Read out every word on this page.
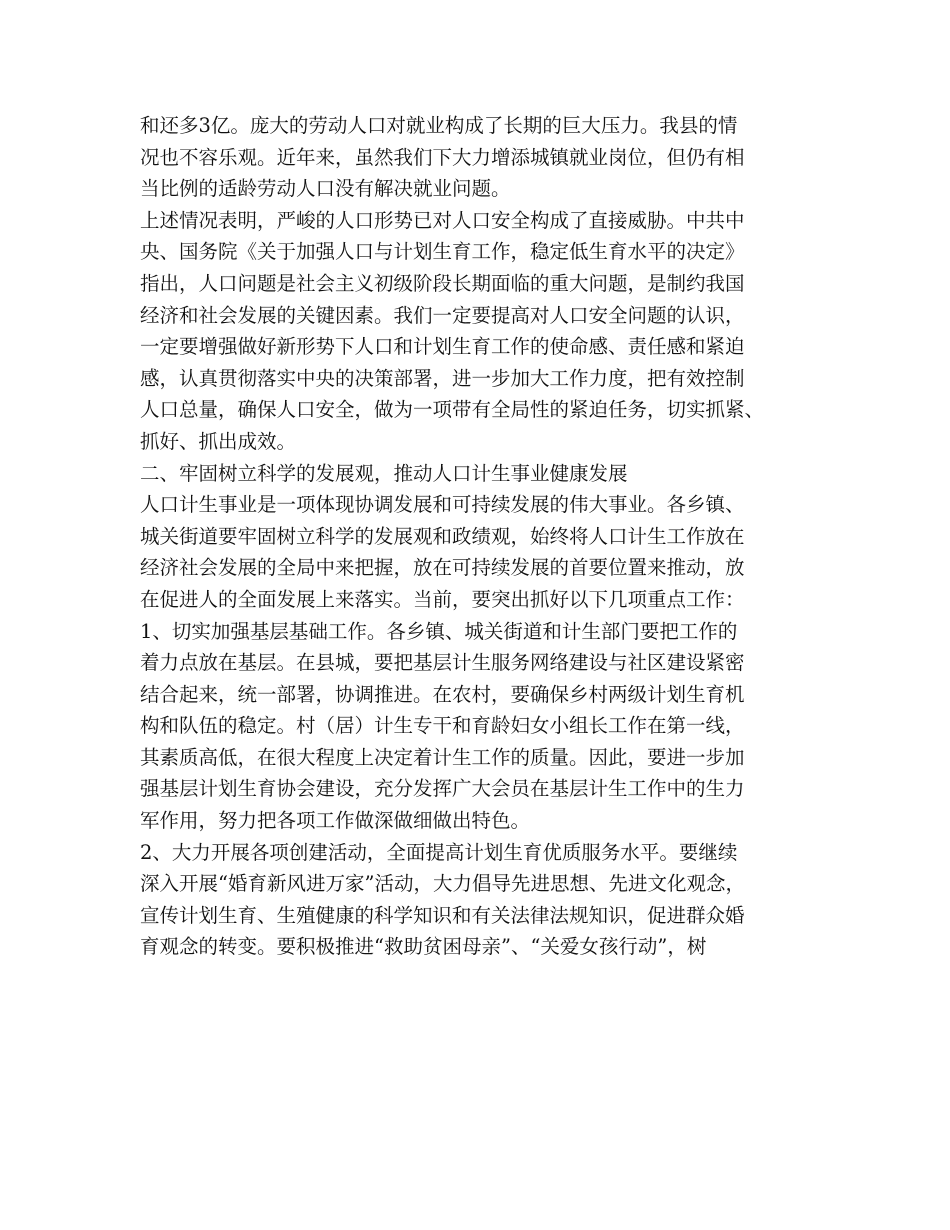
和还多3亿。庞大的劳动人口对就业构成了长期的巨大压力。我县的情
况也不容乐观。近年来，虽然我们下大力增添城镇就业岗位，但仍有相
当比例的适龄劳动人口没有解决就业问题。
上述情况表明，严峻的人口形势已对人口安全构成了直接威胁。中共中
央、国务院《关于加强人口与计划生育工作，稳定低生育水平的决定》
指出，人口问题是社会主义初级阶段长期面临的重大问题，是制约我国
经济和社会发展的关键因素。我们一定要提高对人口安全问题的认识，
一定要增强做好新形势下人口和计划生育工作的使命感、责任感和紧迫
感，认真贯彻落实中央的决策部署，进一步加大工作力度，把有效控制
人口总量，确保人口安全，做为一项带有全局性的紧迫任务，切实抓紧、
抓好、抓出成效。
二、牢固树立科学的发展观，推动人口计生事业健康发展
人口计生事业是一项体现协调发展和可持续发展的伟大事业。各乡镇、
城关街道要牢固树立科学的发展观和政绩观，始终将人口计生工作放在
经济社会发展的全局中来把握，放在可持续发展的首要位置来推动，放
在促进人的全面发展上来落实。当前，要突出抓好以下几项重点工作：
1、切实加强基层基础工作。各乡镇、城关街道和计生部门要把工作的
着力点放在基层。在县城，要把基层计生服务网络建设与社区建设紧密
结合起来，统一部署，协调推进。在农村，要确保乡村两级计划生育机
构和队伍的稳定。村（居）计生专干和育龄妇女小组长工作在第一线，
其素质高低，在很大程度上决定着计生工作的质量。因此，要进一步加
强基层计划生育协会建设，充分发挥广大会员在基层计生工作中的生力
军作用，努力把各项工作做深做细做出特色。
2、大力开展各项创建活动，全面提高计划生育优质服务水平。要继续
深入开展“婚育新风进万家”活动，大力倡导先进思想、先进文化观念，
宣传计划生育、生殖健康的科学知识和有关法律法规知识，促进群众婚
育观念的转变。要积极推进“救助贫困母亲”、“关爱女孩行动”，树
